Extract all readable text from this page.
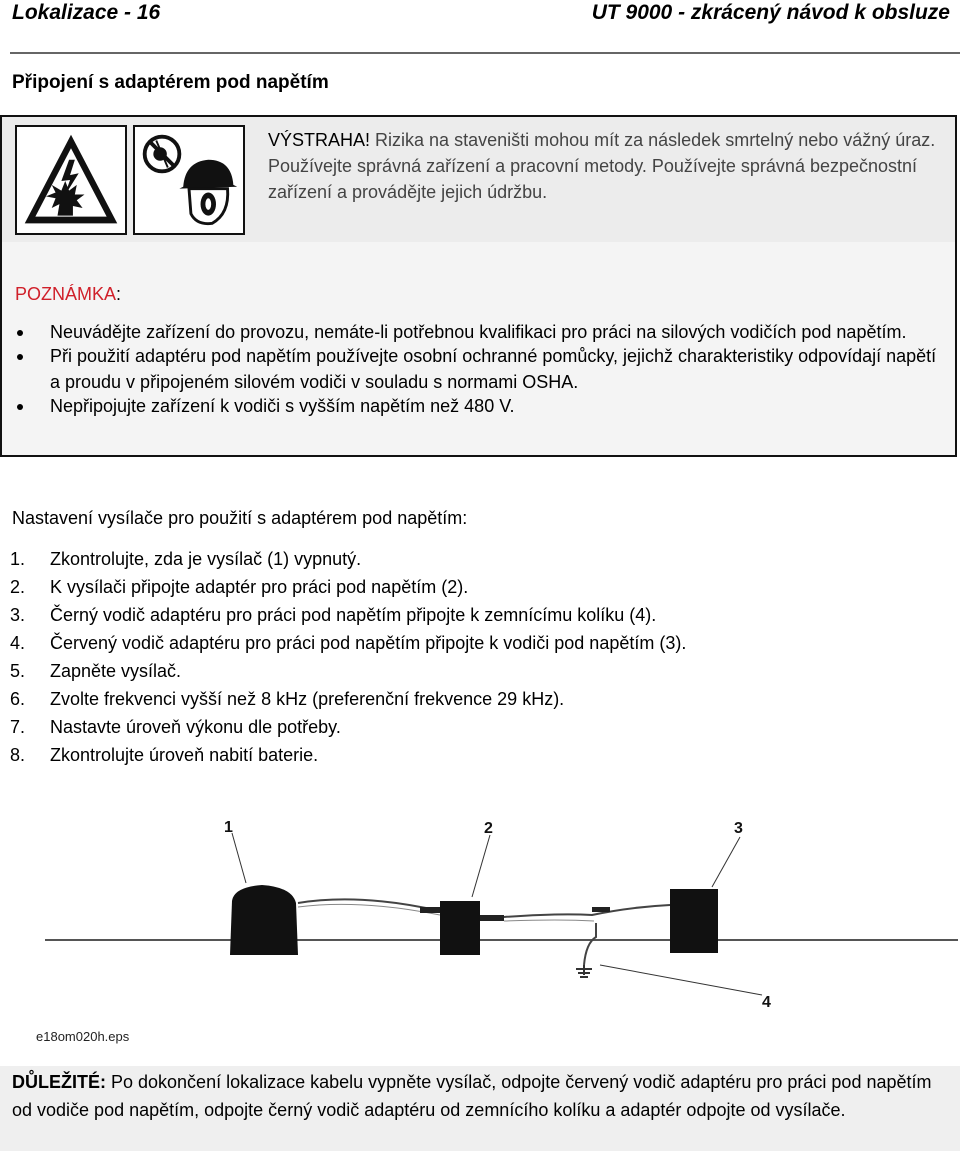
Lokalizace - 16	UT 9000 - zkrácený návod k obsluze
Připojení s adaptérem pod napětím
VÝSTRAHA! Rizika na staveništi mohou mít za následek smrtelný nebo vážný úraz. Používejte správná zařízení a pracovní metody. Používejte správná bezpečnostní zařízení a provádějte jejich údržbu.
POZNÁMKA:
Neuvádějte zařízení do provozu, nemáte-li potřebnou kvalifikaci pro práci na silových vodičích pod napětím.
Při použití adaptéru pod napětím používejte osobní ochranné pomůcky, jejichž charakteristiky odpovídají napětí a proudu v připojeném silovém vodiči v souladu s normami OSHA.
Nepřipojujte zařízení k vodiči s vyšším napětím než 480 V.
Nastavení vysílače pro použití s adaptérem pod napětím:
1.	Zkontrolujte, zda je vysílač (1) vypnutý.
2.	K vysílači připojte adaptér pro práci pod napětím (2).
3.	Černý vodič adaptéru pro práci pod napětím připojte k zemnícímu kolíku (4).
4.	Červený vodič adaptéru pro práci pod napětím připojte k vodiči pod napětím (3).
5.	Zapněte vysílač.
6.	Zvolte frekvenci vyšší než 8 kHz (preferenční frekvence 29 kHz).
7.	Nastavte úroveň výkonu dle potřeby.
8.	Zkontrolujte úroveň nabití baterie.
1	2	3
4
e18om020h.eps
DŮLEŽITÉ: Po dokončení lokalizace kabelu vypněte vysílač, odpojte červený vodič adaptéru pro práci pod napětím od vodiče pod napětím, odpojte černý vodič adaptéru od zemnícího kolíku a adaptér odpojte od vysílače.
